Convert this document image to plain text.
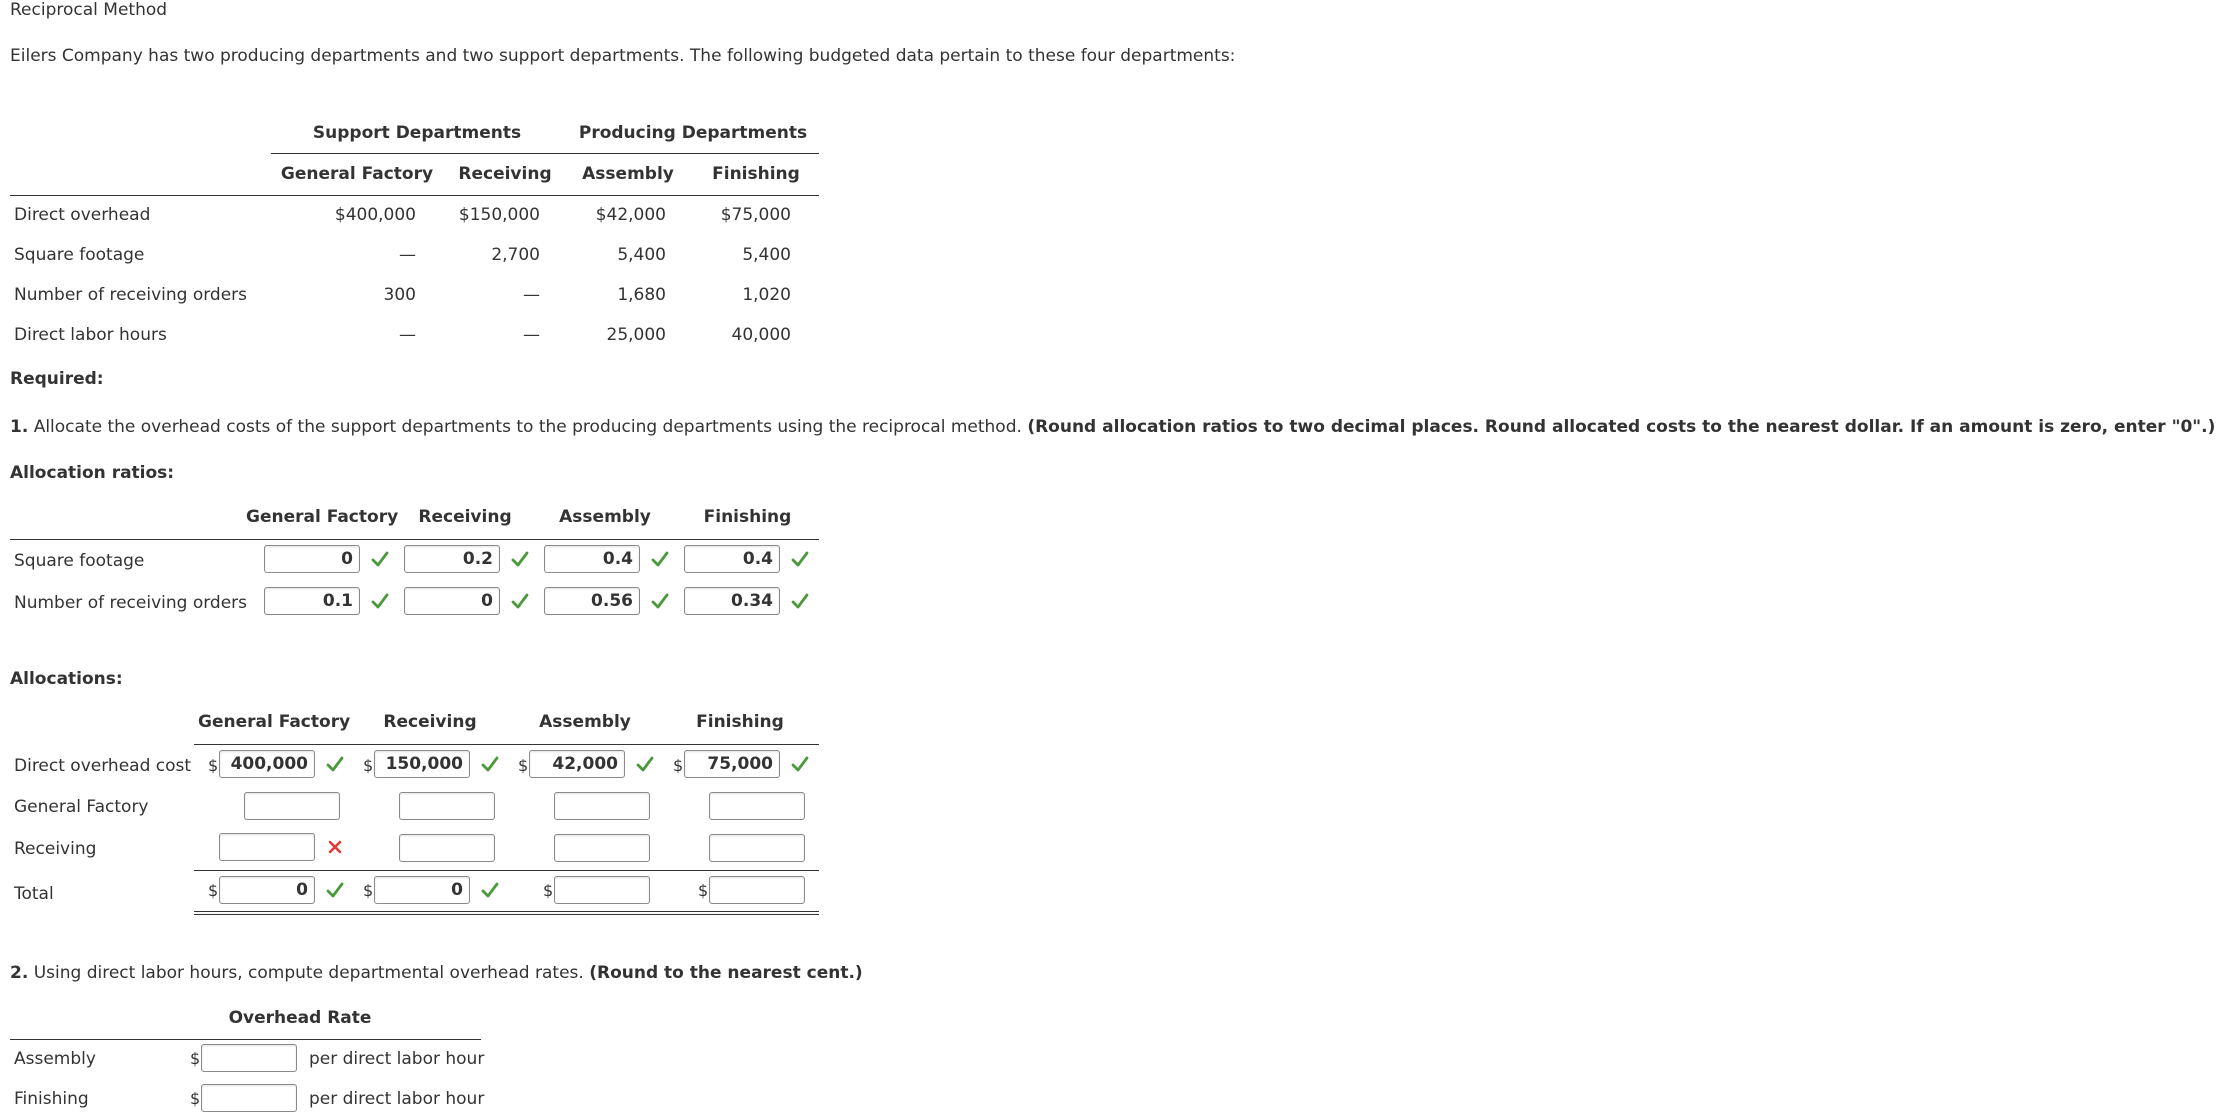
Reciprocal Method
Eilers Company has two producing departments and two support departments. The following budgeted data pertain to these four departments:
Support Departments	Producing Departments
General Factory	Receiving	Assembly	Finishing
Direct overhead	$400,000	$150,000	$42,000	$75,000
Square footage	—	2,700	5,400	5,400
Number of receiving orders	300	—	1,680	1,020
Direct labor hours	—	—	25,000	40,000
Required:
1. Allocate the overhead costs of the support departments to the producing departments using the reciprocal method. (Round allocation ratios to two decimal places. Round allocated costs to the nearest dollar. If an amount is zero, enter "0".)
Allocation ratios:
General Factory	Receiving	Assembly	Finishing
Square footage	0	0.2	0.4	0.4
Number of receiving orders	0.1	0	0.56	0.34
Allocations:
General Factory	Receiving	Assembly	Finishing
Direct overhead cost $ 400,000	$ 150,000	$	42,000	$	75,000
General Factory
Receiving
Total	$	0	$	0	$	$
2. Using direct labor hours, compute departmental overhead rates. (Round to the nearest cent.)
Overhead Rate
Assembly	$	per direct labor hour
Finishing	$	per direct labor hour
